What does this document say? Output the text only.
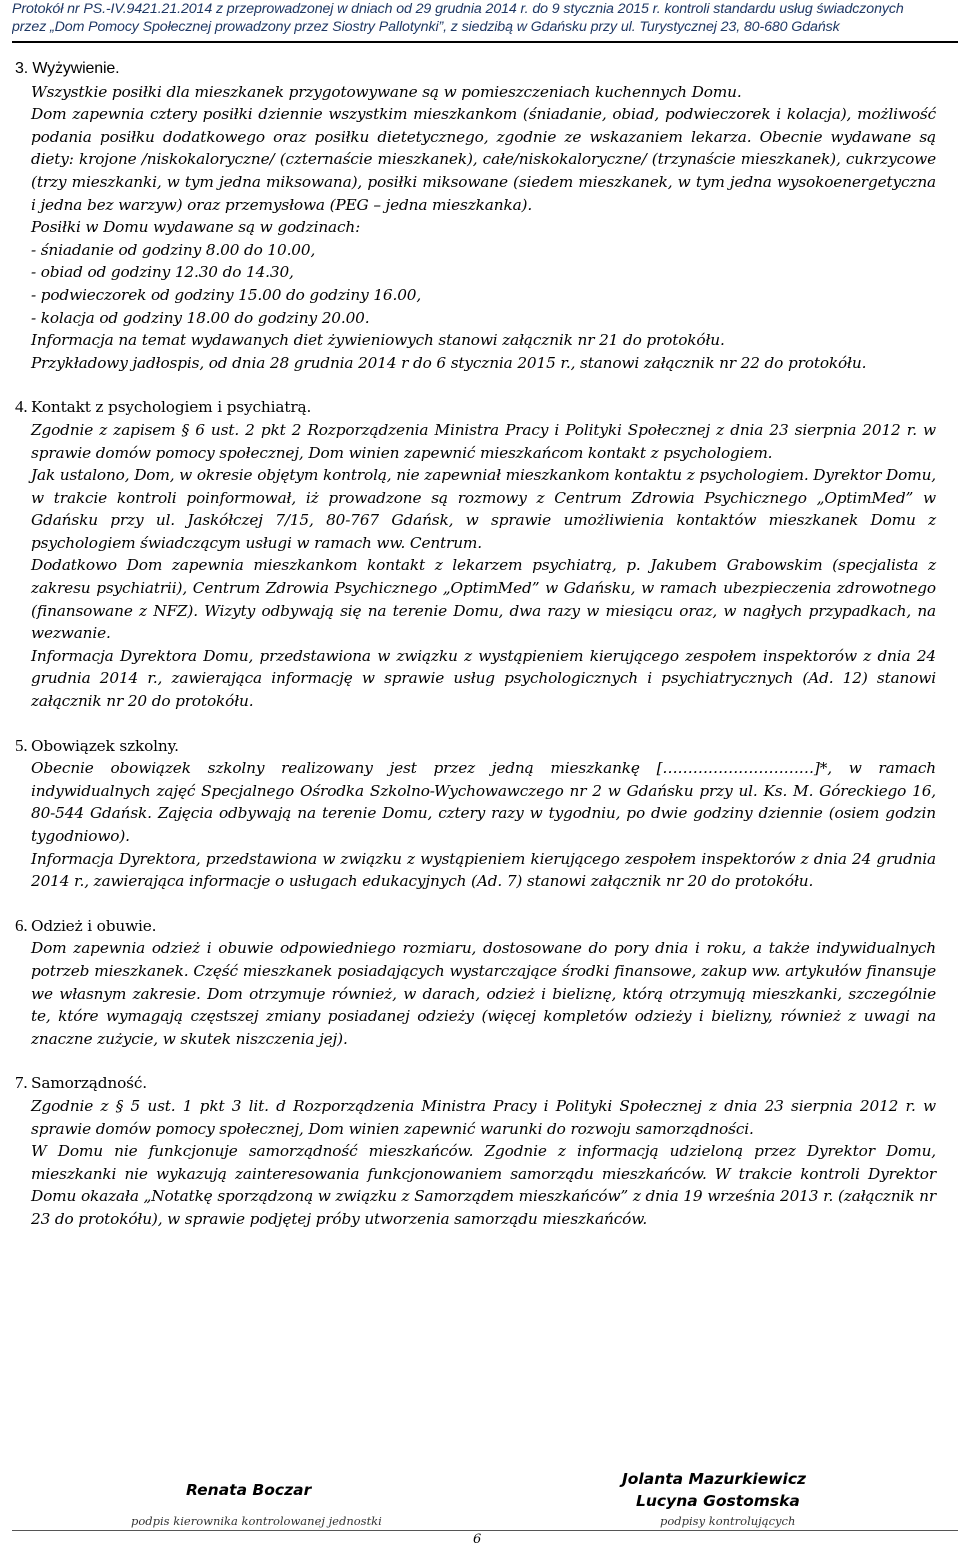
Protokół nr PS.-IV.9421.21.2014 z przeprowadzonej w dniach od 29 grudnia 2014 r. do 9 stycznia 2015 r. kontroli standardu usług świadczonych
przez „Dom Pomocy Społecznej prowadzony przez Siostry Pallotynki”, z siedzibą w Gdańsku przy ul. Turystycznej 23, 80-680 Gdańsk
3. Wyżywienie.

Wszystkie posiłki dla mieszkanek przygotowywane są w pomieszczeniach kuchennych Domu.

Dom zapewnia cztery posiłki dziennie wszystkim mieszkankom (śniadanie, obiad, podwieczorek i kolacja), możliwość podania posiłku dodatkowego oraz posiłku dietetycznego, zgodnie ze wskazaniem lekarza. Obecnie wydawane są diety: krojone /niskokaloryczne/ (czternaście mieszkanek), całe/niskokaloryczne/ (trzynaście mieszkanek), cukrzycowe (trzy mieszkanki, w tym jedna miksowana), posiłki miksowane (siedem mieszkanek, w tym jedna wysokoenergetyczna i jedna bez warzyw) oraz przemysłowa (PEG – jedna mieszkanka).

Posiłki w Domu wydawane są w godzinach:

- śniadanie od godziny 8.00 do 10.00,
- obiad od godziny 12.30 do 14.30,
- podwieczorek od godziny 15.00 do godziny 16.00,
- kolacja od godziny 18.00 do godziny 20.00.

Informacja na temat wydawanych diet żywieniowych stanowi załącznik nr 21 do protokółu.

Przykładowy jadłospis, od dnia 28 grudnia 2014 r do 6 stycznia 2015 r., stanowi załącznik nr 22 do protokółu.

4. Kontakt z psychologiem i psychiatrą.

Zgodnie z zapisem § 6 ust. 2 pkt 2 Rozporządzenia Ministra Pracy i Polityki Społecznej z dnia 23 sierpnia 2012 r. w sprawie domów pomocy społecznej, Dom winien zapewnić mieszkańcom kontakt z psychologiem.

Jak ustalono, Dom, w okresie objętym kontrolą, nie zapewniał mieszkankom kontaktu z psychologiem. Dyrektor Domu, w trakcie kontroli poinformował, iż prowadzone są rozmowy z Centrum Zdrowia Psychicznego „OptimMed” w Gdańsku przy ul. Jaskółczej 7/15, 80-767 Gdańsk, w sprawie umożliwienia kontaktów mieszkanek Domu z psychologiem świadczącym usługi w ramach ww. Centrum.

Dodatkowo Dom zapewnia mieszkankom kontakt z lekarzem psychiatrą, p. Jakubem Grabowskim (specjalista z zakresu psychiatrii), Centrum Zdrowia Psychicznego „OptimMed” w Gdańsku, w ramach ubezpieczenia zdrowotnego (finansowane z NFZ). Wizyty odbywają się na terenie Domu, dwa razy w miesiącu oraz, w nagłych przypadkach, na wezwanie.

Informacja Dyrektora Domu, przedstawiona w związku z wystąpieniem kierującego zespołem inspektorów z dnia 24 grudnia 2014 r., zawierająca informację w sprawie usług psychologicznych i psychiatrycznych (Ad. 12) stanowi załącznik nr 20 do protokółu.

5. Obowiązek szkolny.

Obecnie obowiązek szkolny realizowany jest przez jedną mieszkankę […………………………]*, w ramach indywidualnych zajęć Specjalnego Ośrodka Szkolno-Wychowawczego nr 2 w Gdańsku przy ul. Ks. M. Góreckiego 16, 80-544 Gdańsk. Zajęcia odbywają na terenie Domu, cztery razy w tygodniu, po dwie godziny dziennie (osiem godzin tygodniowo).

Informacja Dyrektora, przedstawiona w związku z wystąpieniem kierującego zespołem inspektorów z dnia 24 grudnia 2014 r., zawierająca informacje o usługach edukacyjnych (Ad. 7) stanowi załącznik nr 20 do protokółu.

6. Odzież i obuwie.

Dom zapewnia odzież i obuwie odpowiedniego rozmiaru, dostosowane do pory dnia i roku, a także indywidualnych potrzeb mieszkanek. Część mieszkanek posiadających wystarczające środki finansowe, zakup ww. artykułów finansuje we własnym zakresie. Dom otrzymuje również, w darach, odzież i bieliznę, którą otrzymują mieszkanki, szczególnie te, które wymagają częstszej zmiany posiadanej odzieży (więcej kompletów odzieży i bielizny, również z uwagi na znaczne zużycie, w skutek niszczenia jej).

7. Samorządność.

Zgodnie z § 5 ust. 1 pkt 3 lit. d Rozporządzenia Ministra Pracy i Polityki Społecznej z dnia 23 sierpnia 2012 r. w sprawie domów pomocy społecznej, Dom winien zapewnić warunki do rozwoju samorządności.

W Domu nie funkcjonuje samorządność mieszkańców. Zgodnie z informacją udzieloną przez Dyrektor Domu, mieszkanki nie wykazują zainteresowania funkcjonowaniem samorządu mieszkańców. W trakcie kontroli Dyrektor Domu okazała „Notatkę sporządzoną w związku z Samorządem mieszkańców” z dnia 19 września 2013 r. (załącznik nr 23 do protokółu), w sprawie podjętej próby utworzenia samorządu mieszkańców.

Renata Boczar
podpis kierownika kontrolowanej jednostki
Jolanta Mazurkiewicz
Lucyna Gostomska
podpisy kontrolujących
6
